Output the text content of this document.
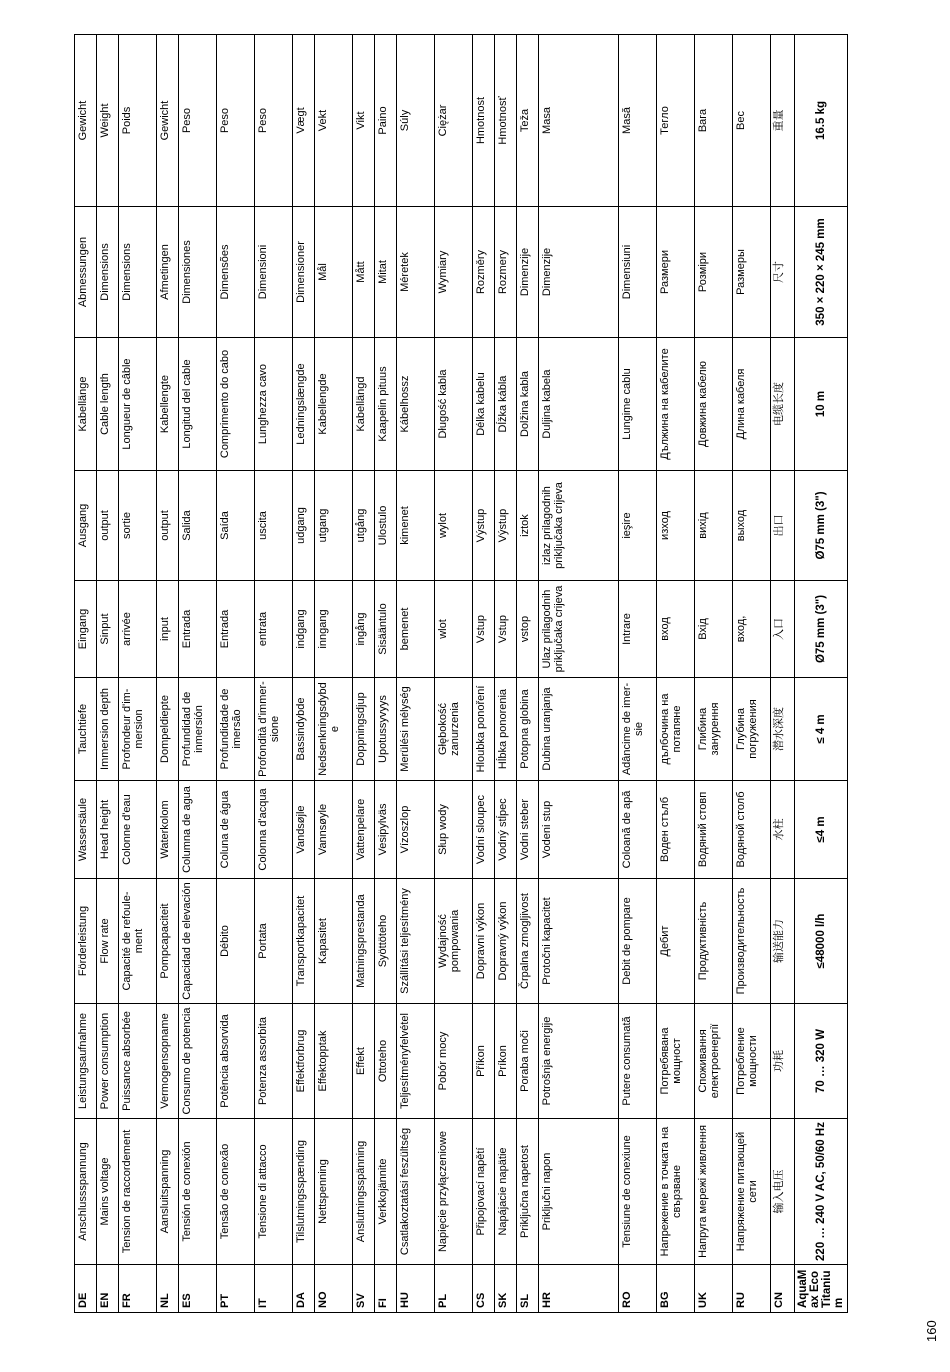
DE	Anschlussspannung	Leistungsaufnahme	Förderleistung	Wassersäule	Tauchtiefe	Eingang	Ausgang	Kabellänge	Abmessungen	Gewicht
EN	Mains voltage	Power consumption	Flow rate	Head height	Immersion depth	Sinput	output	Cable length	Dimensions	Weight
FR	Tension de raccordement	Puissance absorbée	Capacité de refoulement	Colonne d'eau	Profondeur d'immersion	arrivée	sortie	Longueur de câble	Dimensions	Poids
NL	Aansluitspanning	Vermogensopname	Pompcapaciteit	Waterkolom	Dompeldiepte	input	output	Kabellengte	Afmetingen	Gewicht
ES	Tensión de conexión	Consumo de potencia	Capacidad de elevación	Columna de agua	Profundidad de inmersión	Entrada	Salida	Longitud del cable	Dimensiones	Peso
PT	Tensão de conexão	Potência absorvida	Débito	Coluna de água	Profundidade de imersão	Entrada	Saída	Comprimento do cabo	Dimensões	Peso
IT	Tensione di attacco	Potenza assorbita	Portata	Colonna d'acqua	Profondità d'immersione	entrata	uscita	Lunghezza cavo	Dimensioni	Peso
DA	Tilslutningsspænding	Effektforbrug	Transportkapacitet	Vandsøjle	Bassindybde	indgang	udgang	Ledningslængde	Dimensioner	Vægt
NO	Nettspenning	Effektopptak	Kapasitet	Vannsøyle	Nedsenkningsdybd e	inngang	utgang	Kabellengde	Mål	Vekt
SV	Anslutningsspänning	Effekt	Matningsprestanda	Vattenpelare	Doppningsdjup	ingång	utgång	Kabellängd	Mått	Vikt
FI	Verkkojännite	Ottoteho	Syöttöteho	Vesipylväs	Upotussyvyys	Sisääntulo	Ulostulo	Kaapelin pituus	Mitat	Paino
HU	Csatlakoztatási feszültség	Teljesítményfelvétel	Szállítási teljesítmény	Vízoszlop	Merülési mélység	bemenet	kimenet	Kábelhossz	Méretek	Súly
PL	Napięcie przyłączeniowe	Pobór mocy	Wydajność pompowania	Słup wody	Głębokość zanurzenia	wlot	wylot	Długość kabla	Wymiary	Ciężar
CS	Připojovací napětí	Příkon	Dopravní výkon	Vodní sloupec	Hloubka ponoření	Vstup	Výstup	Délka kabelu	Rozměry	Hmotnost
SK	Napájacie napätie	Príkon	Dopravný výkon	Vodný stĺpec	Hĺbka ponorenia	Vstup	Výstup	Dĺžka kábla	Rozmery	Hmotnosť
SL	Priključna napetost	Poraba moči	Črpalna zmogljivost	Vodni steber	Potopna globina	vstop	iztok	Dolžina kabla	Dimenzije	Teža
HR	Priključni napon	Potrošnja energije	Protočni kapacitet	Vodeni stup	Dubina uranjanja	Ulaz prilagodnih priključaka crijeva	izlaz prilagodnih priključaka crijeva	Duljina kabela	Dimenzije	Masa
RO	Tensiune de conexiune	Putere consumată	Debit de pompare	Coloană de apă	Adâncime de imersie	Intrare	ieşire	Lungime cablu	Dimensiuni	Masă
BG	Напрежение в точката на свързване	Потребявана мощност	Дебит	Воден стълб	дълбочина на потапяне	вход	изход	Дължина на кабелите	Размери	Тегло
UK	Напруга мережі живлення	Споживання електроенергії	Продуктивність	Водяний стовп	Глибина занурення	Вхід	вихід	Довжина кабелю	Розміри	Вага
RU	Напряжение питающей сети	Потребление мощности	Производительность	Водяной столб	Глубина погружения	вход,	выход	Длина кабеля	Размеры	Вес
CN	输入电压	功耗	输送能力	水柱	潜水深度	入口	出口	电缆长度	尺寸	重量
AquaMax Eco Titanium	220 … 240 V AC, 50/60 Hz	70 … 320 W	≤48000 l/h	≤4 m	≤ 4 m	Ø75 mm (3")	Ø75 mm (3")	10 m	350 × 220 × 245 mm	16.5 kg
160
